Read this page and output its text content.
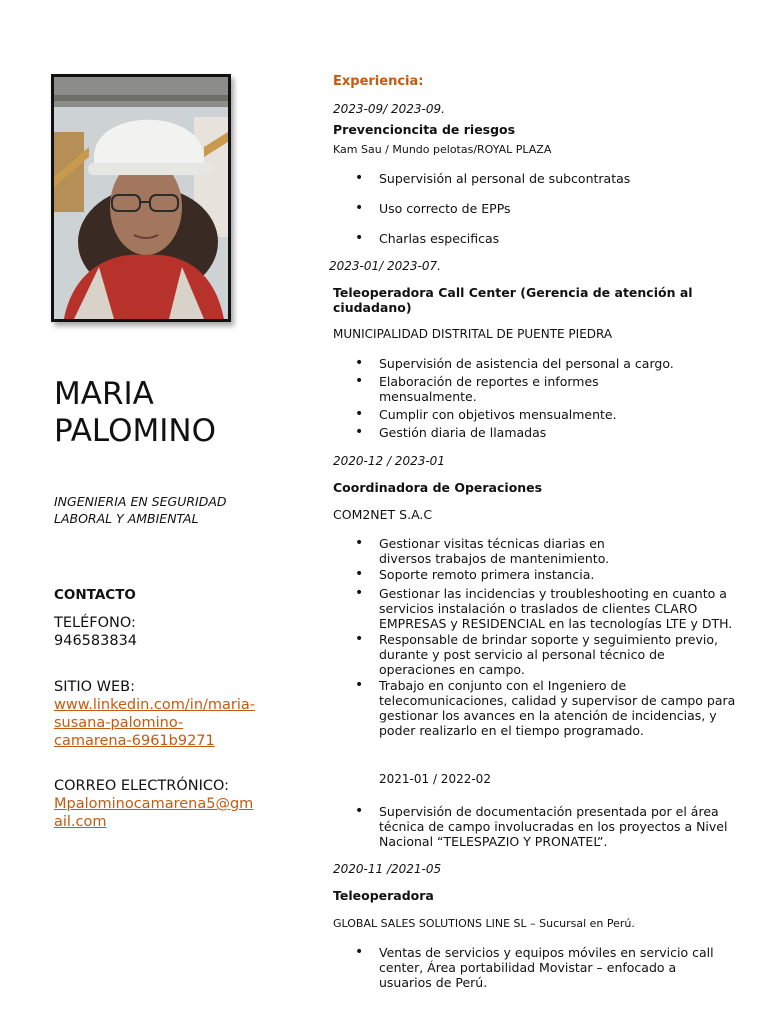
MARIA
PALOMINO
INGENIERIA EN SEGURIDAD LABORAL Y AMBIENTAL
CONTACTO
TELÉFONO:
946583834
SITIO WEB:
www.linkedin.com/in/maria-
susana-palomino-
camarena-6961b9271
CORREO ELECTRÓNICO:
Mpalominocamarena5@gm
ail.com
Experiencia:
2023-09/ 2023-09.
Prevencioncita de riesgos
Kam Sau / Mundo pelotas/ROYAL PLAZA
• Supervisión al personal de subcontratas
• Uso correcto de EPPs
• Charlas especificas
2023-01/ 2023-07.
Teleoperadora Call Center (Gerencia de atención al ciudadano)
MUNICIPALIDAD DISTRITAL DE PUENTE PIEDRA
• Supervisión de asistencia del personal a cargo.
• Elaboración de reportes e informes mensualmente.
• Cumplir con objetivos mensualmente.
• Gestión diaria de llamadas
2020-12 / 2023-01
Coordinadora de Operaciones
COM2NET S.A.C
• Gestionar visitas técnicas diarias en diversos trabajos de mantenimiento.
• Soporte remoto primera instancia.
• Gestionar las incidencias y troubleshooting en cuanto a servicios instalación o traslados de clientes CLARO EMPRESAS y RESIDENCIAL en las tecnologías LTE y DTH.
• Responsable de brindar soporte y seguimiento previo, durante y post servicio al personal técnico de operaciones en campo.
• Trabajo en conjunto con el Ingeniero de telecomunicaciones, calidad y supervisor de campo para gestionar los avances en la atención de incidencias, y poder realizarlo en el tiempo programado.
2021-01 / 2022-02
• Supervisión de documentación presentada por el área técnica de campo involucradas en los proyectos a Nivel Nacional “TELESPAZIO Y PRONATEL”.
2020-11 /2021-05
Teleoperadora
GLOBAL SALES SOLUTIONS LINE SL – Sucursal en Perú.
• Ventas de servicios y equipos móviles en servicio call center, Área portabilidad Movistar – enfocado a usuarios de Perú.
